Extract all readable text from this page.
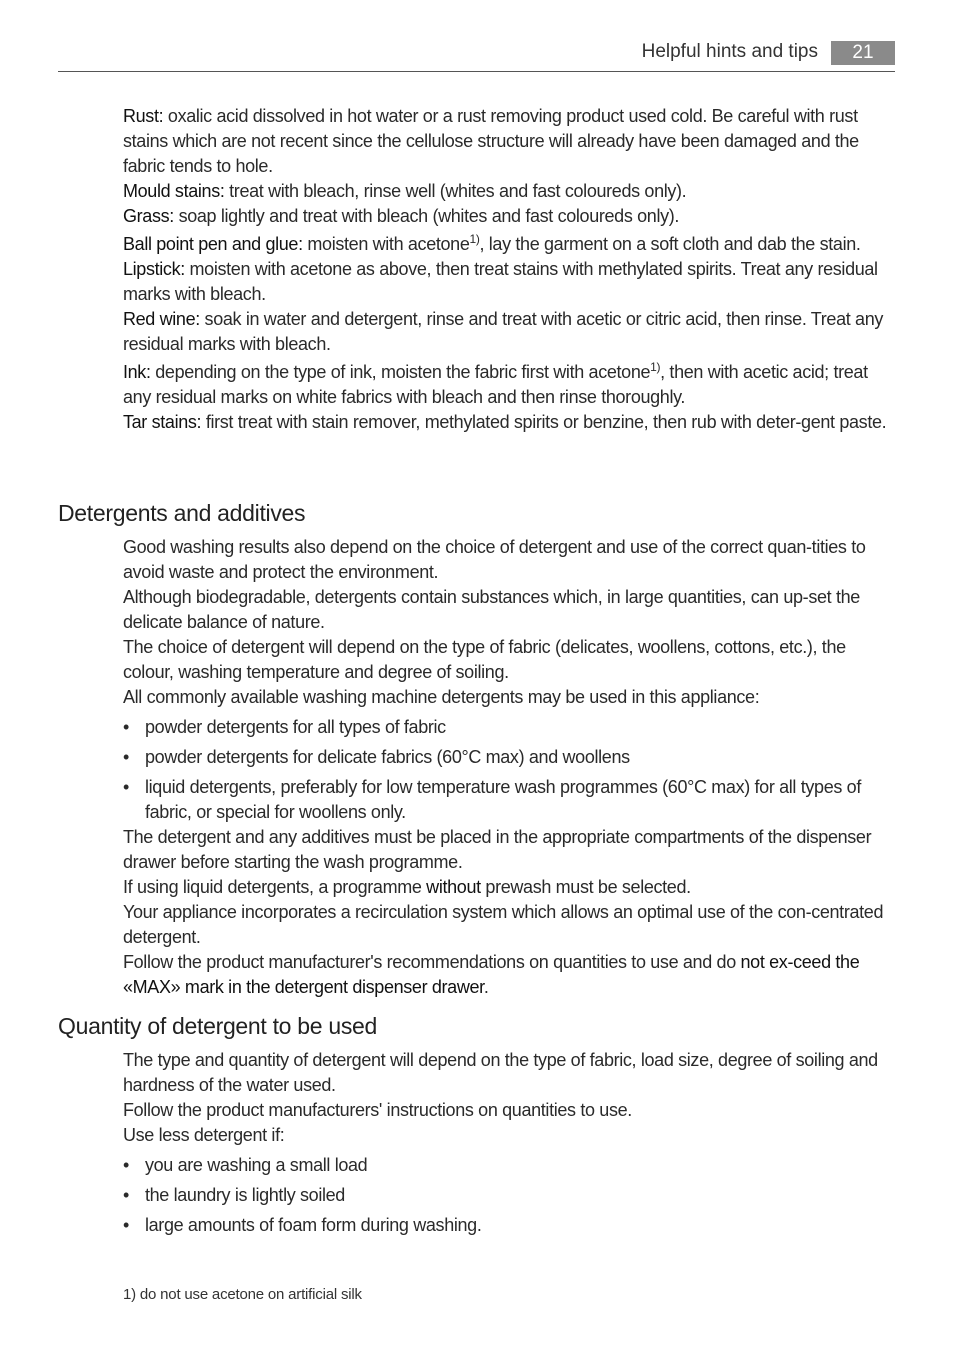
Helpful hints and tips	21

Rust: oxalic acid dissolved in hot water or a rust removing product used cold. Be careful with rust stains which are not recent since the cellulose structure will already have been damaged and the fabric tends to hole.

Mould stains: treat with bleach, rinse well (whites and fast coloureds only).

Grass: soap lightly and treat with bleach (whites and fast coloureds only).

Ball point pen and glue: moisten with acetone$^{1)}$, lay the garment on a soft cloth and dab the stain.

Lipstick: moisten with acetone as above, then treat stains with methylated spirits. Treat any residual marks with bleach.

Red wine: soak in water and detergent, rinse and treat with acetic or citric acid, then rinse. Treat any residual marks with bleach.

Ink: depending on the type of ink, moisten the fabric first with acetone$^{1)}$, then with acetic acid; treat any residual marks on white fabrics with bleach and then rinse thoroughly.

Tar stains: first treat with stain remover, methylated spirits or benzine, then rub with deter-gent paste.

Detergents and additives

Good washing results also depend on the choice of detergent and use of the correct quan-tities to avoid waste and protect the environment.

Although biodegradable, detergents contain substances which, in large quantities, can up-set the delicate balance of nature.

The choice of detergent will depend on the type of fabric (delicates, woollens, cottons, etc.), the colour, washing temperature and degree of soiling.

All commonly available washing machine detergents may be used in this appliance:

• powder detergents for all types of fabric
• powder detergents for delicate fabrics (60°C max) and woollens
• liquid detergents, preferably for low temperature wash programmes (60°C max) for all types of fabric, or special for woollens only.

The detergent and any additives must be placed in the appropriate compartments of the dispenser drawer before starting the wash programme.

If using liquid detergents, a programme without prewash must be selected.

Your appliance incorporates a recirculation system which allows an optimal use of the con-centrated detergent.

Follow the product manufacturer's recommendations on quantities to use and do not ex-ceed the «MAX» mark in the detergent dispenser drawer.

Quantity of detergent to be used

The type and quantity of detergent will depend on the type of fabric, load size, degree of soiling and hardness of the water used.

Follow the product manufacturers' instructions on quantities to use.

Use less detergent if:

• you are washing a small load
• the laundry is lightly soiled
• large amounts of foam form during washing.
1) do not use acetone on artificial silk
